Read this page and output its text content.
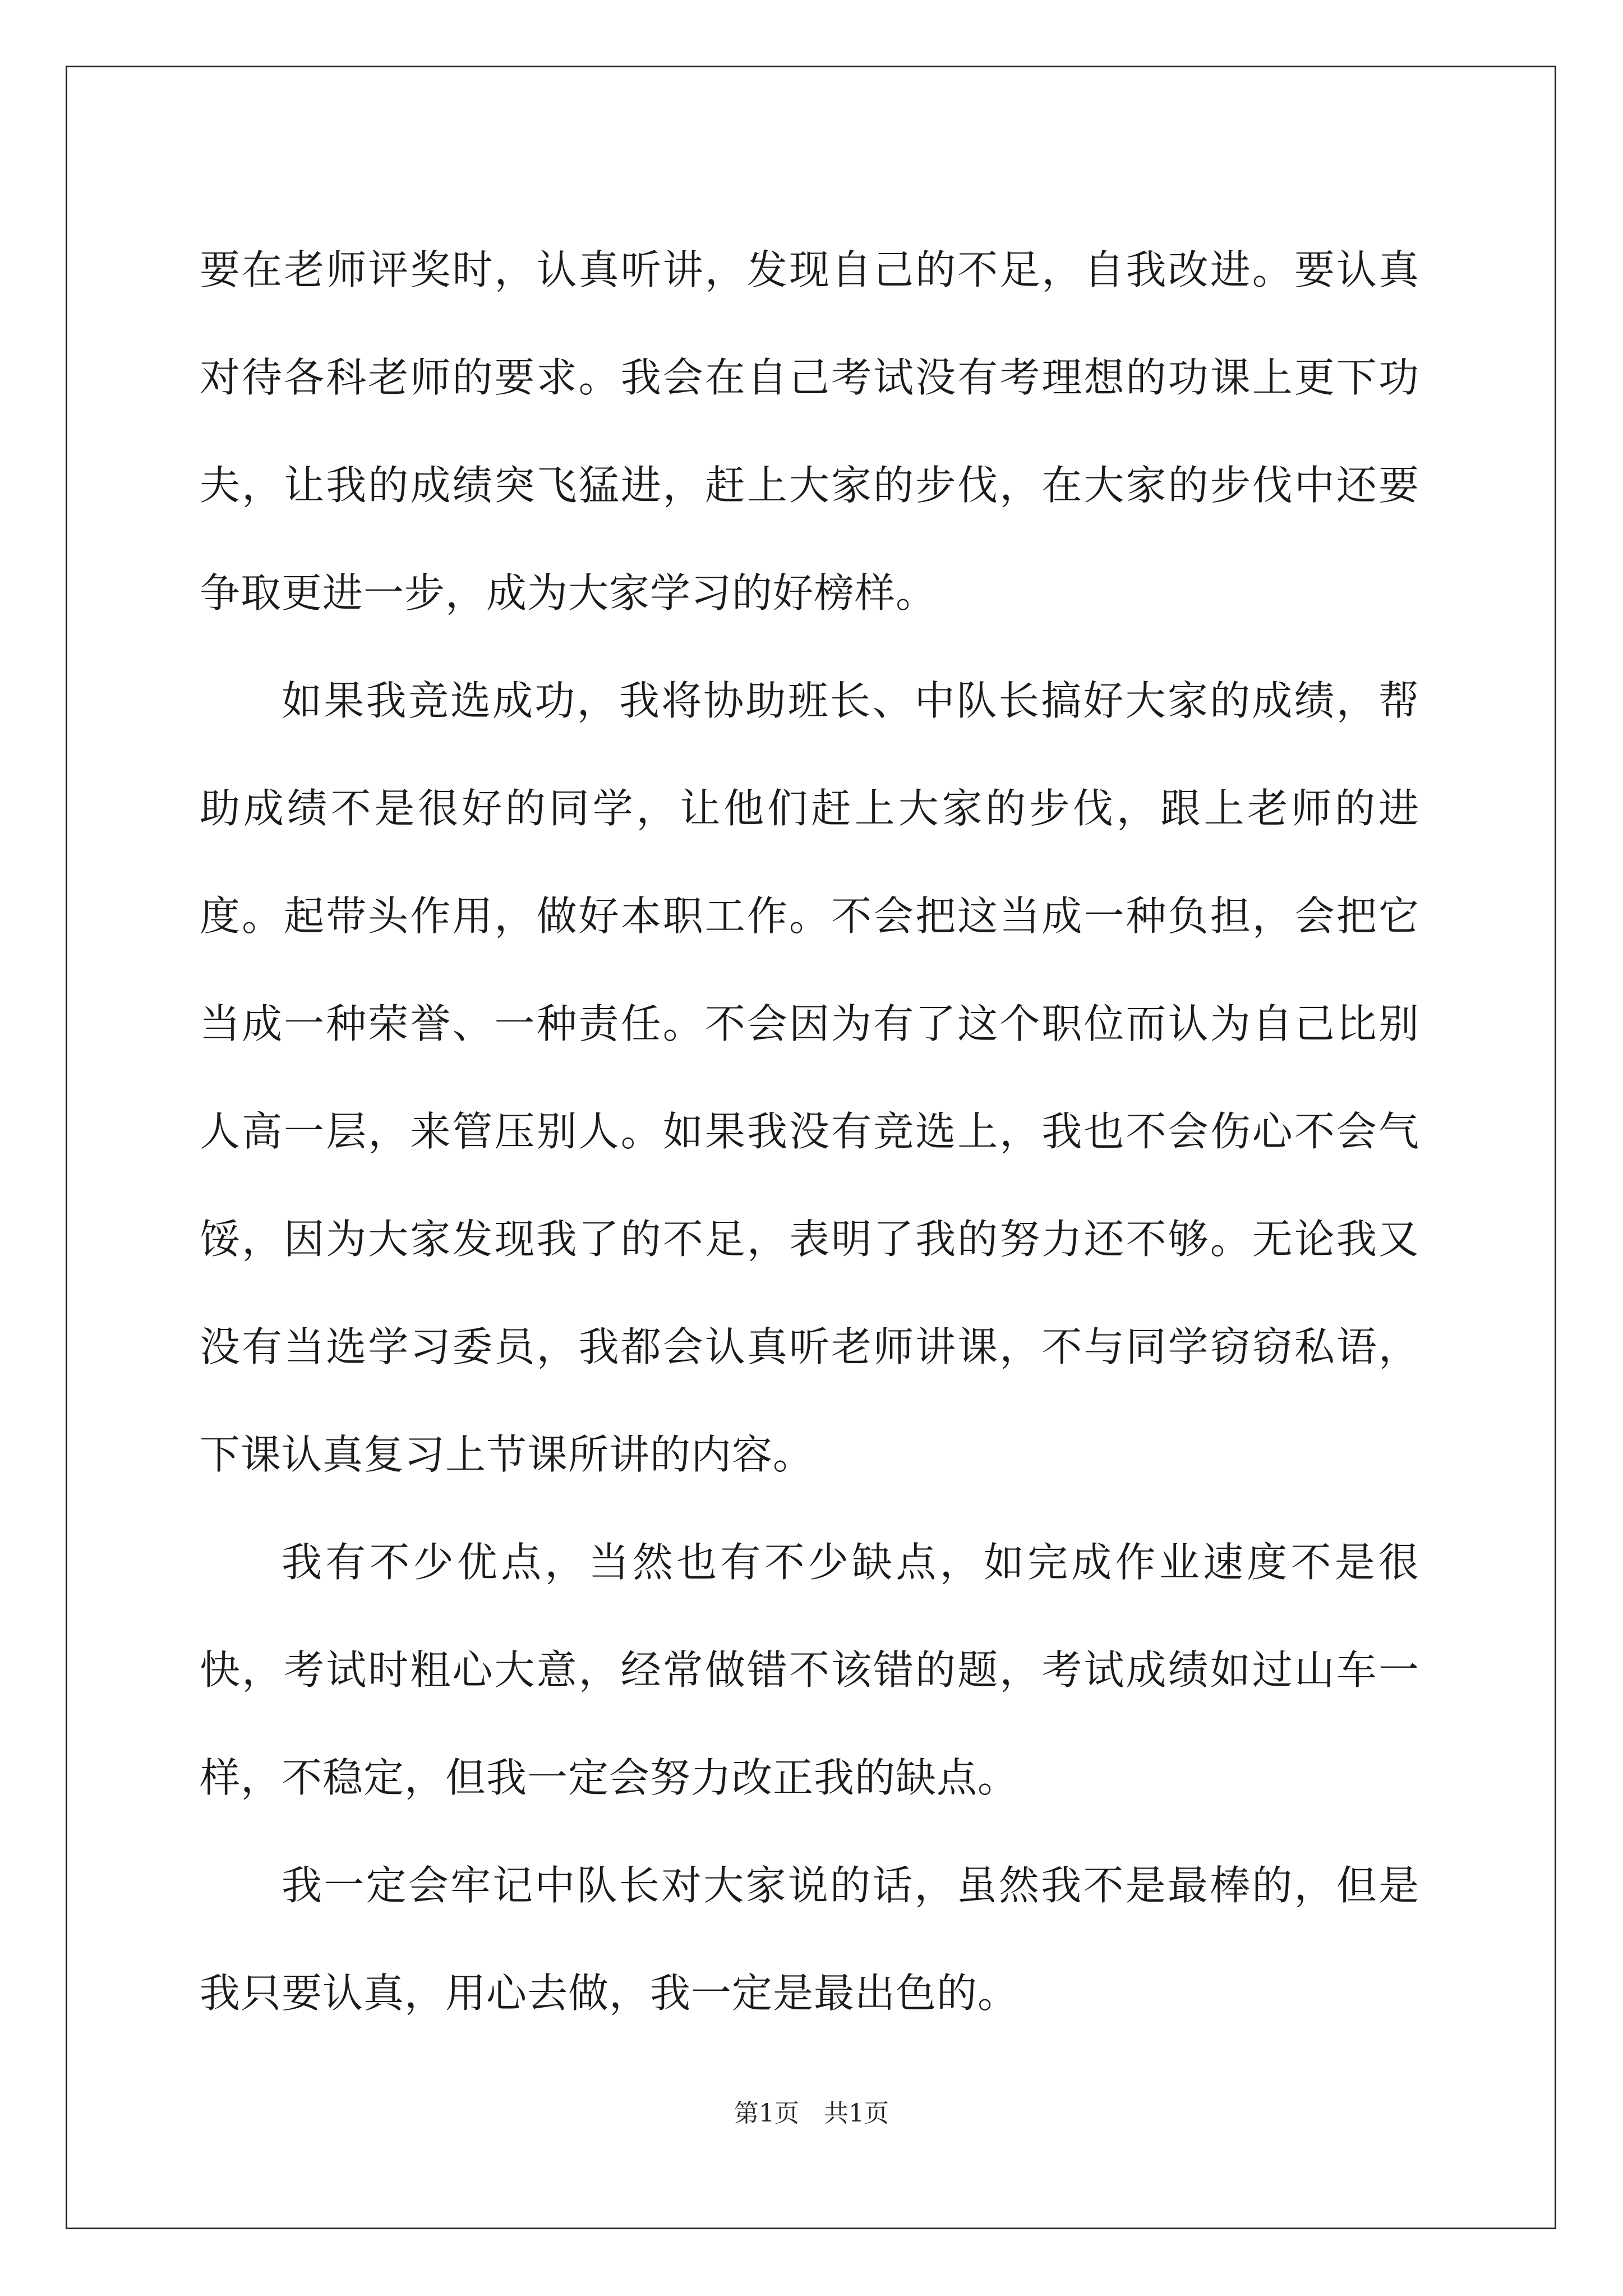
要在老师评奖时，认真听讲，发现自己的不足，自我改进。要认真对待各科老师的要求。我会在自己考试没有考理想的功课上更下功夫，让我的成绩突飞猛进，赶上大家的步伐，在大家的步伐中还要争取更进一步，成为大家学习的好榜样。

如果我竞选成功，我将协助班长、中队长搞好大家的成绩，帮助成绩不是很好的同学，让他们赶上大家的步伐，跟上老师的进度。起带头作用，做好本职工作。不会把这当成一种负担，会把它当成一种荣誉、一种责任。不会因为有了这个职位而认为自己比别人高一层，来管压别人。如果我没有竞选上，我也不会伤心不会气馁，因为大家发现我了的不足，表明了我的努力还不够。无论我又没有当选学习委员，我都会认真听老师讲课，不与同学窃窃私语，下课认真复习上节课所讲的内容。

我有不少优点，当然也有不少缺点，如完成作业速度不是很快，考试时粗心大意，经常做错不该错的题，考试成绩如过山车一样，不稳定，但我一定会努力改正我的缺点。

我一定会牢记中队长对大家说的话，虽然我不是最棒的，但是我只要认真，用心去做，我一定是最出色的。

第1页　共1页
